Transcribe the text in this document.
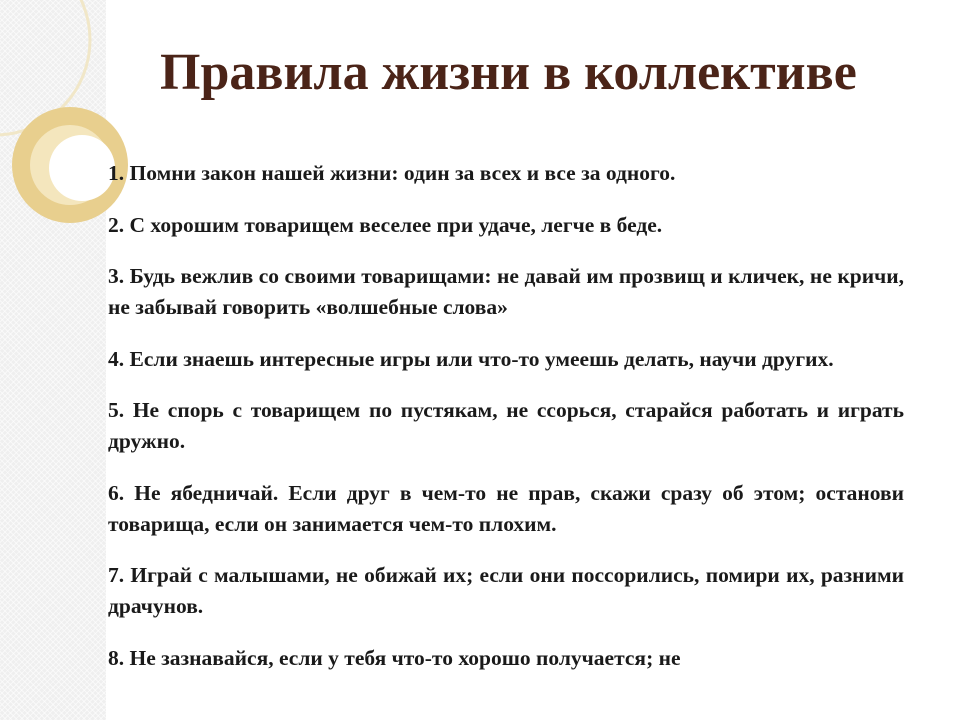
Правила жизни в коллективе
1. Помни закон нашей жизни: один за всех и все за одного.
2. С хорошим товарищем веселее при удаче, легче в беде.
3. Будь вежлив со своими товарищами: не давай им прозвищ и кличек, не кричи, не забывай говорить «волшебные слова»
4. Если знаешь интересные игры или что-то умеешь делать, научи других.
5. Не спорь с товарищем по пустякам, не ссорься, старайся работать и играть дружно.
6. Не ябедничай. Если друг в чем-то не прав, скажи сразу об этом; останови товарища, если он занимается чем-то плохим.
7. Играй с малышами, не обижай их; если они поссорились, помири их, разними драчунов.
8. Не зазнавайся, если у тебя что-то хорошо получается; не
